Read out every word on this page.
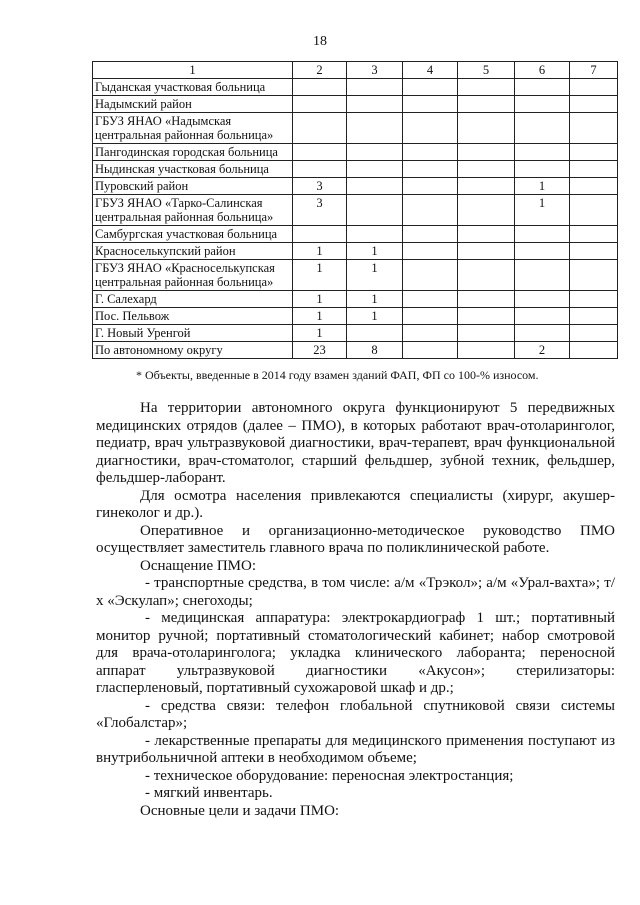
18
1	2	3	4	5	6	7
Гыданская участковая больница						
Надымский район						
ГБУЗ ЯНАО «Надымская центральная районная больница»						
Пангодинская городская больница						
Ныдинская участковая больница						
Пуровский район	3				1	
ГБУЗ ЯНАО «Тарко-Салинская центральная районная больница»	3				1	
Самбургская участковая больница						
Красноселькупский район	1	1				
ГБУЗ ЯНАО «Красноселькупская центральная районная больница»	1	1				
Г. Салехард	1	1				
Пос. Пельвож	1	1				
Г. Новый Уренгой	1					
По автономному округу	23	8			2	
* Объекты, введенные в 2014 году взамен зданий ФАП, ФП со 100-% износом.

На территории автономного округа функционируют 5 передвижных медицинских отрядов (далее – ПМО), в которых работают врач-отоларинголог, педиатр, врач ультразвуковой диагностики, врач-терапевт, врач функциональной диагностики, врач-стоматолог, старший фельдшер, зубной техник, фельдшер, фельдшер-лаборант.

Для осмотра населения привлекаются специалисты (хирург, акушер-гинеколог и др.).

Оперативное и организационно-методическое руководство ПМО осуществляет заместитель главного врача по поликлинической работе.

Оснащение ПМО:

- транспортные средства, в том числе: а/м «Трэкол»; а/м «Урал-вахта»; т/х «Эскулап»; снегоходы;

- медицинская аппаратура: электрокардиограф 1 шт.; портативный монитор ручной; портативный стоматологический кабинет; набор смотровой для врача-отоларинголога; укладка клинического лаборанта; переносной аппарат ультразвуковой диагностики «Акусон»; стерилизаторы: гласперленовый, портативный сухожаровой шкаф и др.;

- средства связи: телефон глобальной спутниковой связи системы «Глобалстар»;

- лекарственные препараты для медицинского применения поступают из внутрибольничной аптеки в необходимом объеме;

- техническое оборудование: переносная электростанция;

- мягкий инвентарь.

Основные цели и задачи ПМО:
